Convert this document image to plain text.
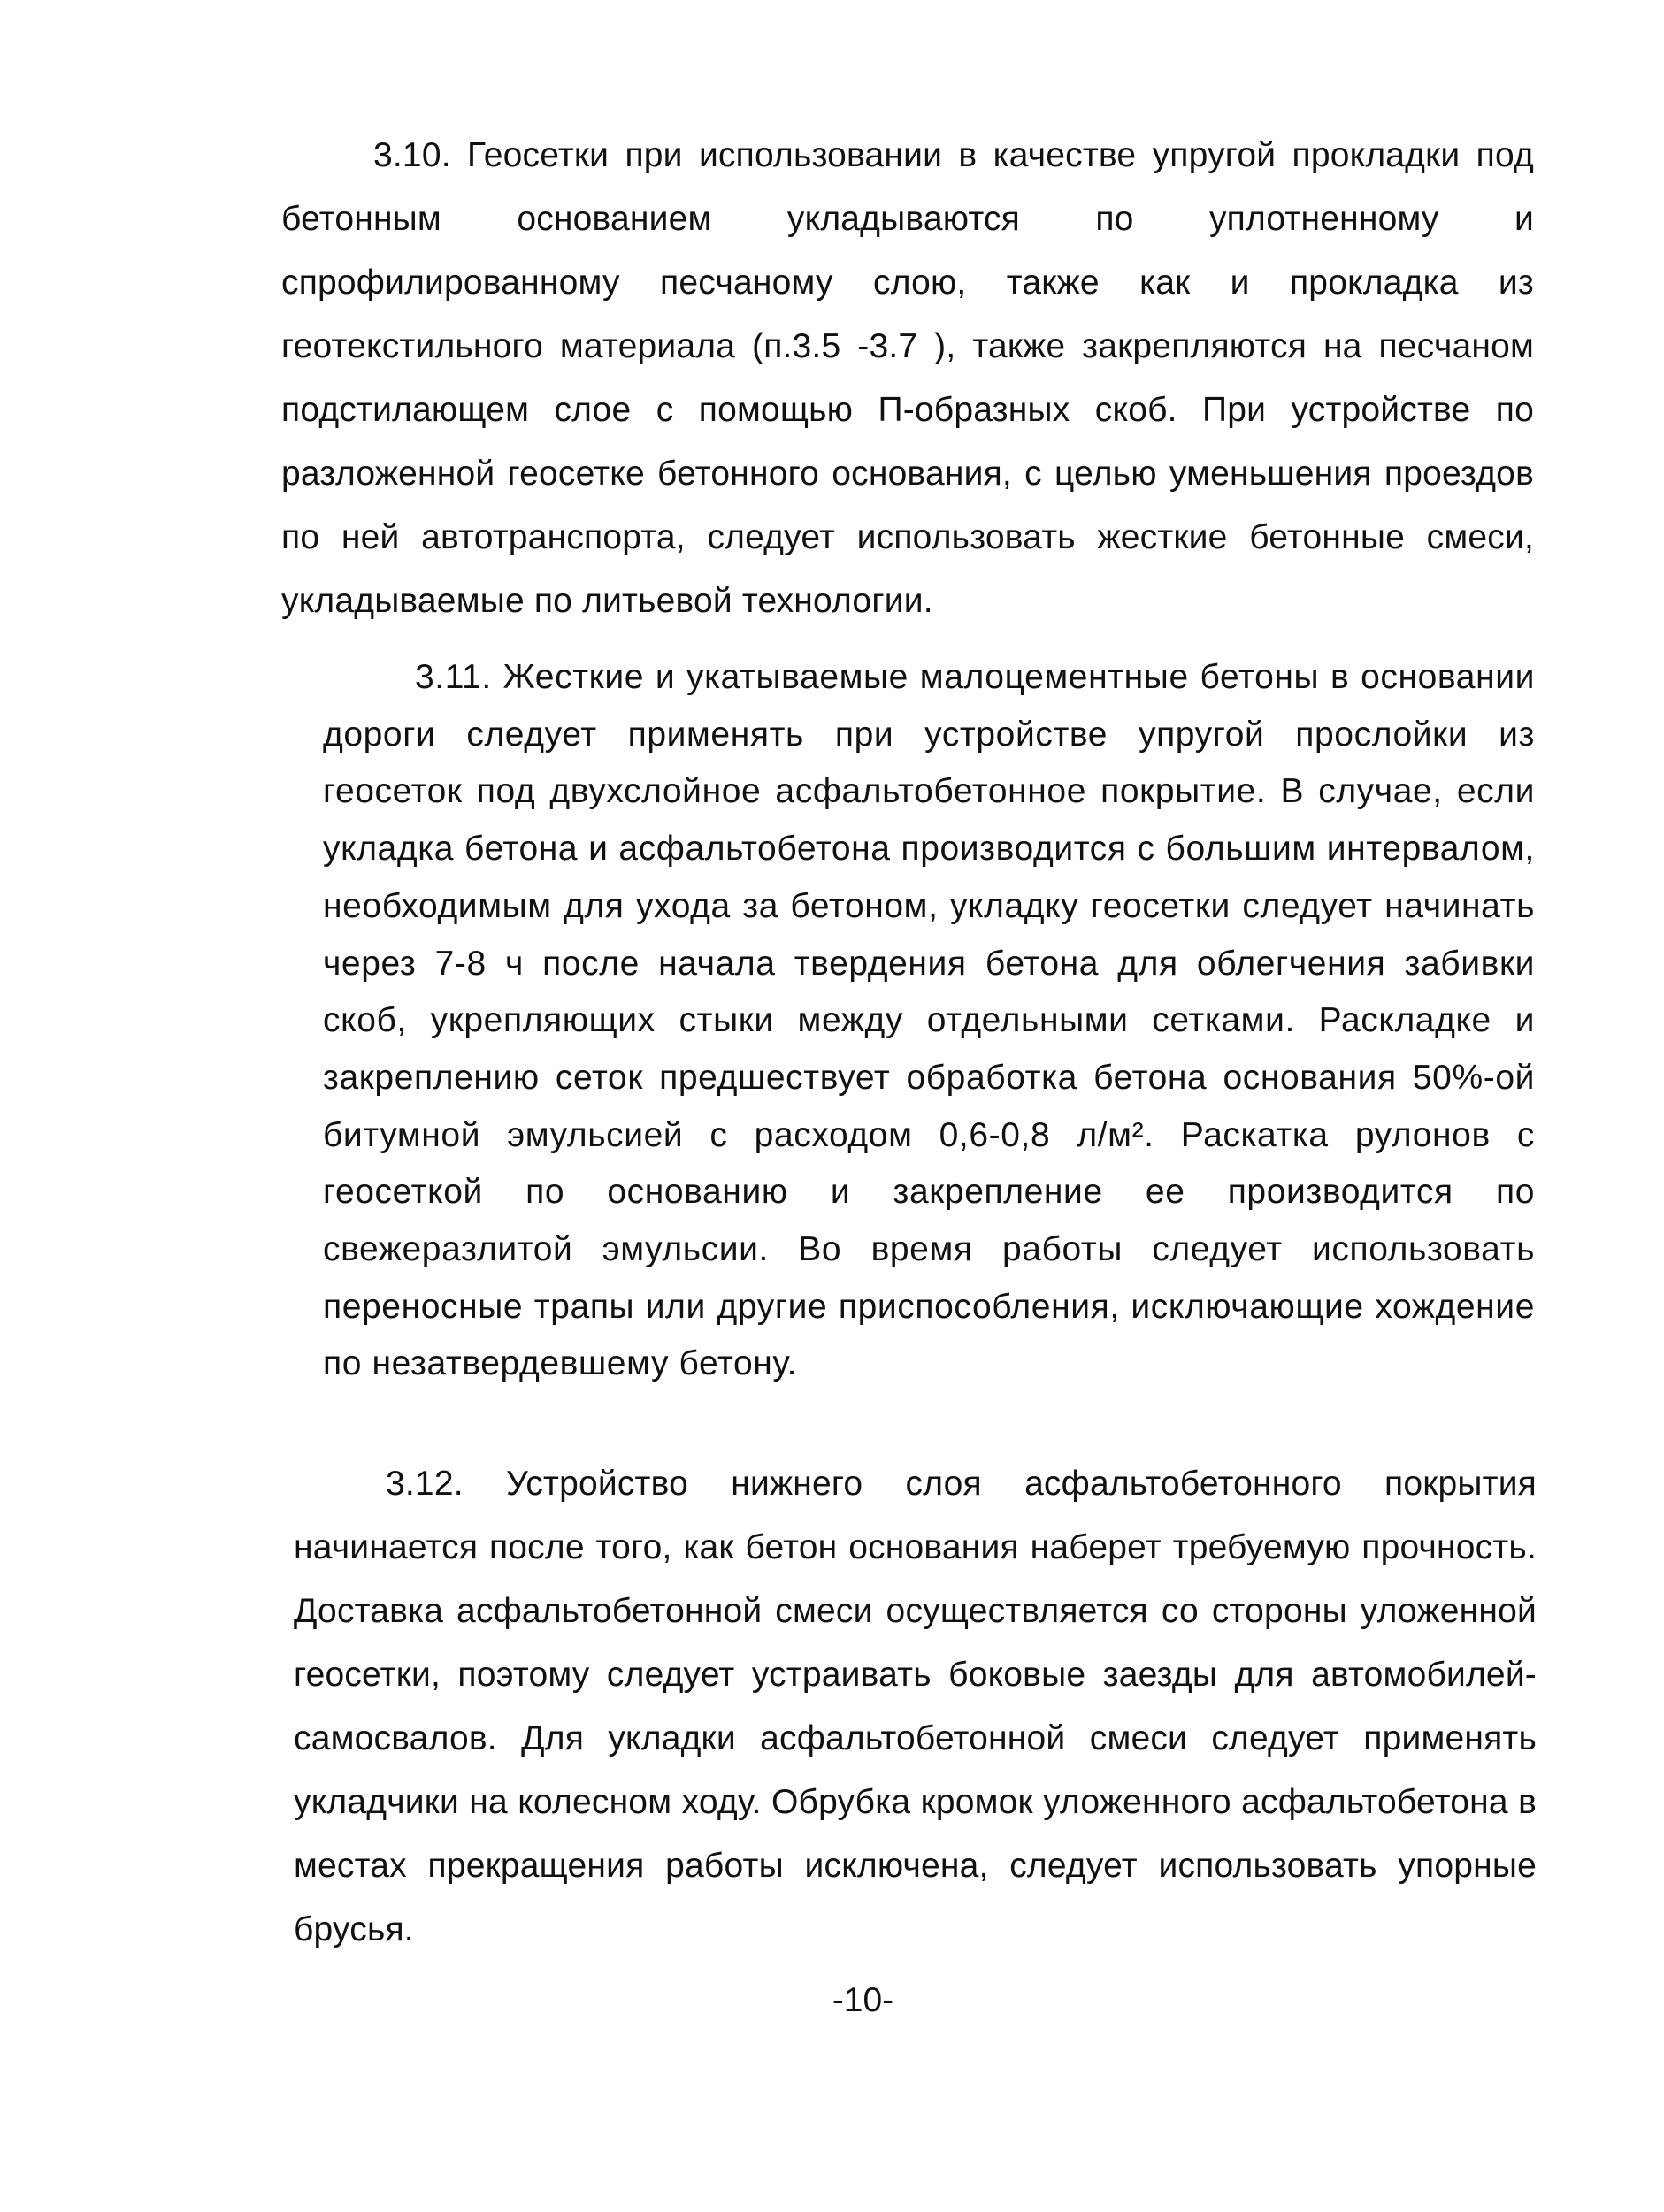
3.10. Геосетки при использовании в качестве упругой прокладки под бетонным основанием укладываются по уплотненному и спрофилированному песчаному слою, также как и прокладка из геотекстильного материала (п.3.5 -3.7 ), также закрепляются на песчаном подстилающем слое с помощью П-образных скоб. При устройстве по разложенной геосетке бетонного основания, с целью уменьшения проездов по ней автотранспорта, следует использовать жесткие бетонные смеси, укладываемые по литьевой технологии.

3.11. Жесткие и укатываемые малоцементные бетоны в основании дороги следует применять при устройстве упругой прослойки из геосеток под двухслойное асфальтобетонное покрытие. В случае, если укладка бетона и асфальтобетона производится с большим интервалом, необходимым для ухода за бетоном, укладку геосетки следует начинать через 7-8 ч после начала твердения бетона для облегчения забивки скоб, укрепляющих стыки между отдельными сетками. Раскладке и закреплению сеток предшествует обработка бетона основания 50%-ой битумной эмульсией с расходом 0,6-0,8 л/м². Раскатка рулонов с геосеткой по основанию и закрепление ее производится по свежеразлитой эмульсии. Во время работы следует использовать переносные трапы или другие приспособления, исключающие хождение по незатвердевшему бетону.

3.12. Устройство нижнего слоя асфальтобетонного покрытия начинается после того, как бетон основания наберет требуемую прочность. Доставка асфальтобетонной смеси осуществляется со стороны уложенной геосетки, поэтому следует устраивать боковые заезды для автомобилей-самосвалов. Для укладки асфальтобетонной смеси следует применять укладчики на колесном ходу. Обрубка кромок уложенного асфальтобетона в местах прекращения работы исключена, следует использовать упорные брусья.

-10-
